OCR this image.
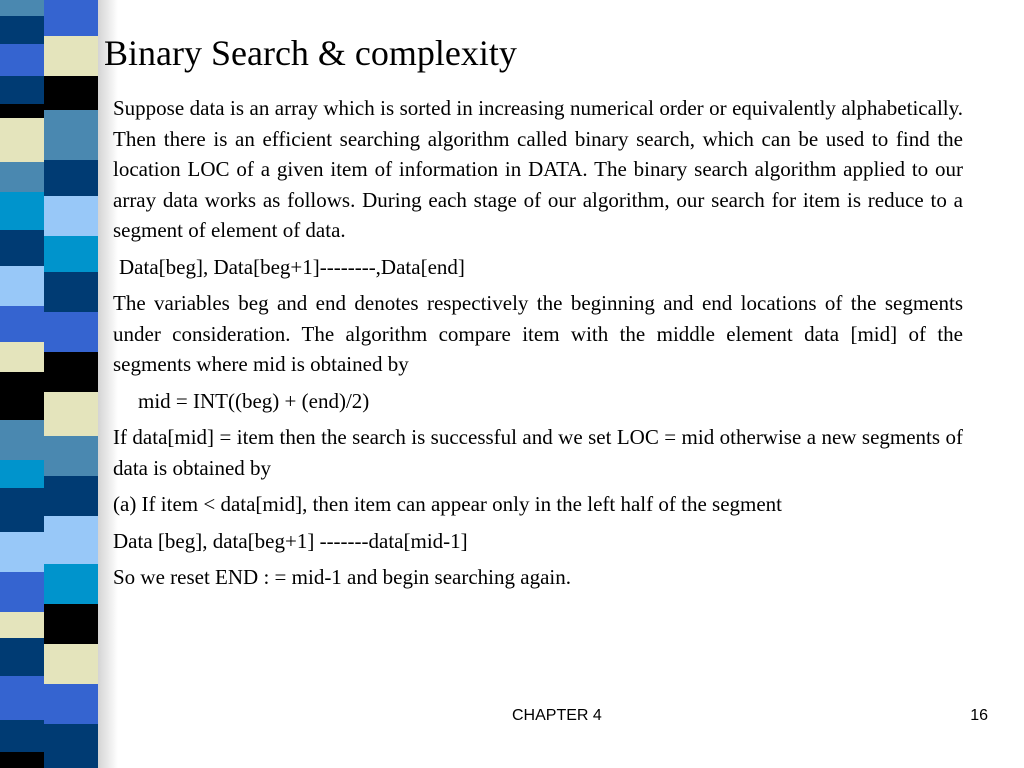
Binary Search & complexity

Suppose data is an array which is sorted in increasing numerical order or equivalently alphabetically. Then there is an efficient searching algorithm called binary search, which can be used to find the location LOC of a given item of information in DATA. The binary search algorithm applied to our array data works as follows. During each stage of our algorithm, our search for item is reduce to a segment of element of data.

Data[beg], Data[beg+1]--------,Data[end]

The variables beg and end denotes respectively the beginning and end locations of the segments under consideration. The algorithm compare item with the middle element data [mid] of the segments where mid is obtained by

mid = INT((beg) + (end)/2)

If data[mid] = item then the search is successful and we set LOC = mid otherwise a new segments of data is obtained by

(a) If item < data[mid], then item can appear only in the left half of the segment

Data [beg], data[beg+1] -------data[mid-1]

So we reset END : = mid-1 and begin searching again.

CHAPTER 4	16
